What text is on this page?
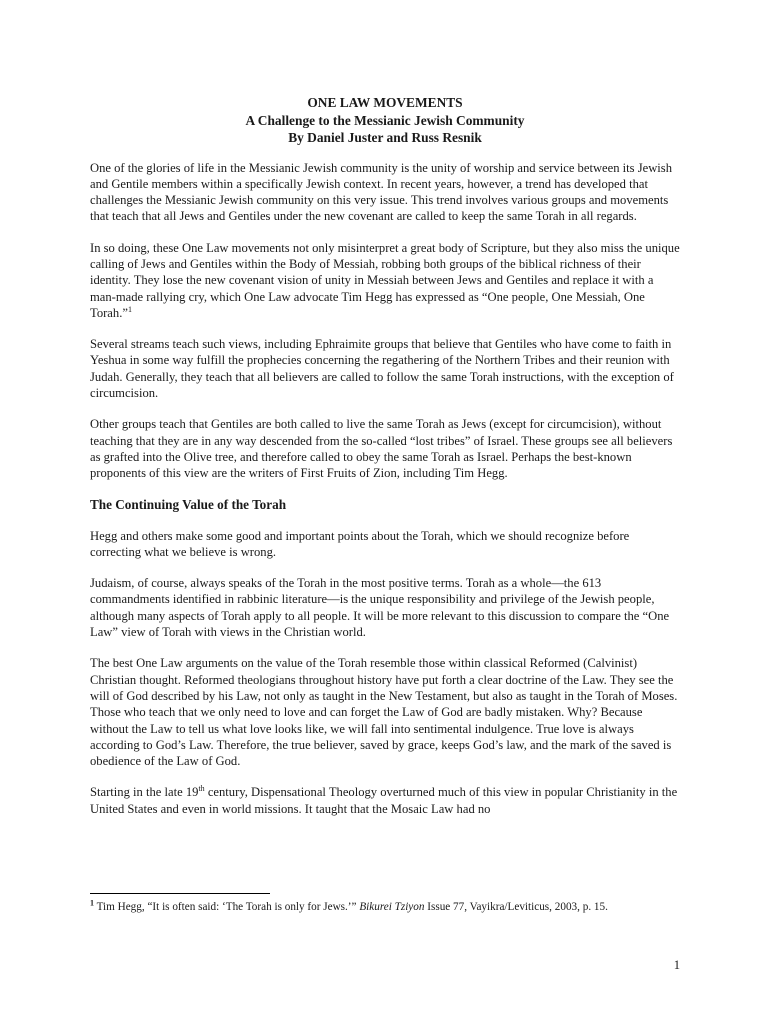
ONE LAW MOVEMENTS
A Challenge to the Messianic Jewish Community
By Daniel Juster and Russ Resnik

One of the glories of life in the Messianic Jewish community is the unity of worship and service between its Jewish and Gentile members within a specifically Jewish context. In recent years, however, a trend has developed that challenges the Messianic Jewish community on this very issue. This trend involves various groups and movements that teach that all Jews and Gentiles under the new covenant are called to keep the same Torah in all regards.

In so doing, these One Law movements not only misinterpret a great body of Scripture, but they also miss the unique calling of Jews and Gentiles within the Body of Messiah, robbing both groups of the biblical richness of their identity. They lose the new covenant vision of unity in Messiah between Jews and Gentiles and replace it with a man-made rallying cry, which One Law advocate Tim Hegg has expressed as “One people, One Messiah, One Torah.”$^1$

Several streams teach such views, including Ephraimite groups that believe that Gentiles who have come to faith in Yeshua in some way fulfill the prophecies concerning the regathering of the Northern Tribes and their reunion with Judah. Generally, they teach that all believers are called to follow the same Torah instructions, with the exception of circumcision.

Other groups teach that Gentiles are both called to live the same Torah as Jews (except for circumcision), without teaching that they are in any way descended from the so-called “lost tribes” of Israel. These groups see all believers as grafted into the Olive tree, and therefore called to obey the same Torah as Israel. Perhaps the best-known proponents of this view are the writers of First Fruits of Zion, including Tim Hegg.

The Continuing Value of the Torah

Hegg and others make some good and important points about the Torah, which we should recognize before correcting what we believe is wrong.

Judaism, of course, always speaks of the Torah in the most positive terms. Torah as a whole—the 613 commandments identified in rabbinic literature—is the unique responsibility and privilege of the Jewish people, although many aspects of Torah apply to all people. It will be more relevant to this discussion to compare the “One Law” view of Torah with views in the Christian world.

The best One Law arguments on the value of the Torah resemble those within classical Reformed (Calvinist) Christian thought. Reformed theologians throughout history have put forth a clear doctrine of the Law. They see the will of God described by his Law, not only as taught in the New Testament, but also as taught in the Torah of Moses. Those who teach that we only need to love and can forget the Law of God are badly mistaken. Why? Because without the Law to tell us what love looks like, we will fall into sentimental indulgence. True love is always according to God’s Law. Therefore, the true believer, saved by grace, keeps God’s law, and the mark of the saved is obedience of the Law of God.

Starting in the late 19th century, Dispensational Theology overturned much of this view in popular Christianity in the United States and even in world missions. It taught that the Mosaic Law had no

$^1$ Tim Hegg, “It is often said: ‘The Torah is only for Jews.’” Bikurei Tziyon Issue 77, Vayikra/Leviticus, 2003, p. 15.
1
